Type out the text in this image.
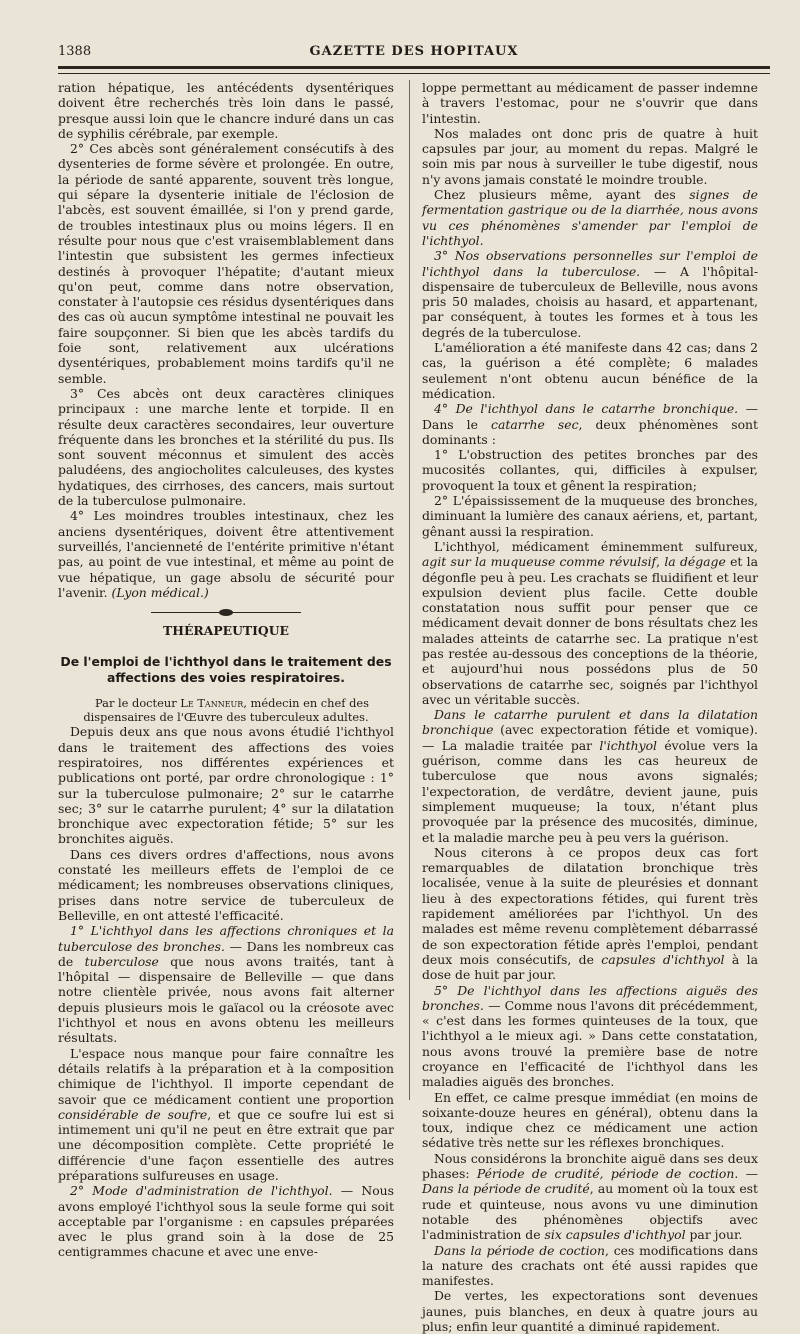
1388	GAZETTE DES HOPITAUX

ration hépatique, les antécédents dysentériques doivent être recherchés très loin dans le passé, presque aussi loin que le chancre induré dans un cas de syphilis cérébrale, par exemple.

2° Ces abcès sont généralement consécutifs à des dysenteries de forme sévère et prolongée. En outre, la période de santé apparente, souvent très longue, qui sépare la dysenterie initiale de l'éclosion de l'abcès, est souvent émaillée, si l'on y prend garde, de troubles intestinaux plus ou moins légers. Il en résulte pour nous que c'est vraisemblablement dans l'intestin que subsistent les germes infectieux destinés à provoquer l'hépatite; d'autant mieux qu'on peut, comme dans notre observation, constater à l'autopsie ces résidus dysentériques dans des cas où aucun symptôme intestinal ne pouvait les faire soupçonner. Si bien que les abcès tardifs du foie sont, relativement aux ulcérations dysentériques, probablement moins tardifs qu'il ne semble.

3° Ces abcès ont deux caractères cliniques principaux : une marche lente et torpide. Il en résulte deux caractères secondaires, leur ouverture fréquente dans les bronches et la stérilité du pus. Ils sont souvent méconnus et simulent des accès paludéens, des angiocholites calculeuses, des kystes hydatiques, des cirrhoses, des cancers, mais surtout de la tuberculose pulmonaire.

4° Les moindres troubles intestinaux, chez les anciens dysentériques, doivent être attentivement surveillés, l'ancienneté de l'entérite primitive n'étant pas, au point de vue intestinal, et même au point de vue hépatique, un gage absolu de sécurité pour l'avenir. (Lyon médical.)

THÉRAPEUTIQUE
De l'emploi de l'ichthyol dans le traitement des affections des voies respiratoires.

Par le docteur Le Tanneur, médecin en chef des dispensaires de l'Œuvre des tuberculeux adultes.

Depuis deux ans que nous avons étudié l'ichthyol dans le traitement des affections des voies respiratoires, nos différentes expériences et publications ont porté, par ordre chronologique : 1° sur la tuberculose pulmonaire; 2° sur le catarrhe sec; 3° sur le catarrhe purulent; 4° sur la dilatation bronchique avec expectoration fétide; 5° sur les bronchites aiguës.

Dans ces divers ordres d'affections, nous avons constaté les meilleurs effets de l'emploi de ce médicament; les nombreuses observations cliniques, prises dans notre service de tuberculeux de Belleville, en ont attesté l'efficacité.

1° L'ichthyol dans les affections chroniques et la tuberculose des bronches. — Dans les nombreux cas de tuberculose que nous avons traités, tant à l'hôpital — dispensaire de Belleville — que dans notre clientèle privée, nous avons fait alterner depuis plusieurs mois le gaïacol ou la créosote avec l'ichthyol et nous en avons obtenu les meilleurs résultats.

L'espace nous manque pour faire connaître les détails relatifs à la préparation et à la composition chimique de l'ichthyol. Il importe cependant de savoir que ce médicament contient une proportion considérable de soufre, et que ce soufre lui est si intimement uni qu'il ne peut en être extrait que par une décomposition complète. Cette propriété le différencie d'une façon essentielle des autres préparations sulfureuses en usage.

2° Mode d'administration de l'ichthyol. — Nous avons employé l'ichthyol sous la seule forme qui soit acceptable par l'organisme : en capsules préparées avec le plus grand soin à la dose de 25 centigrammes chacune et avec une enve-

loppe permettant au médicament de passer indemne à travers l'estomac, pour ne s'ouvrir que dans l'intestin.

Nos malades ont donc pris de quatre à huit capsules par jour, au moment du repas. Malgré le soin mis par nous à surveiller le tube digestif, nous n'y avons jamais constaté le moindre trouble.

Chez plusieurs même, ayant des signes de fermentation gastrique ou de la diarrhée, nous avons vu ces phénomènes s'amender par l'emploi de l'ichthyol.

3° Nos observations personnelles sur l'emploi de l'ichthyol dans la tuberculose. — A l'hôpital-dispensaire de tuberculeux de Belleville, nous avons pris 50 malades, choisis au hasard, et appartenant, par conséquent, à toutes les formes et à tous les degrés de la tuberculose.

L'amélioration a été manifeste dans 42 cas; dans 2 cas, la guérison a été complète; 6 malades seulement n'ont obtenu aucun bénéfice de la médication.

4° De l'ichthyol dans le catarrhe bronchique. — Dans le catarrhe sec, deux phénomènes sont dominants :

1° L'obstruction des petites bronches par des mucosités collantes, qui, difficiles à expulser, provoquent la toux et gênent la respiration;

2° L'épaississement de la muqueuse des bronches, diminuant la lumière des canaux aériens, et, partant, gênant aussi la respiration.

L'ichthyol, médicament éminemment sulfureux, agit sur la muqueuse comme révulsif, la dégage et la dégonfle peu à peu. Les crachats se fluidifient et leur expulsion devient plus facile. Cette double constatation nous suffit pour penser que ce médicament devait donner de bons résultats chez les malades atteints de catarrhe sec. La pratique n'est pas restée au-dessous des conceptions de la théorie, et aujourd'hui nous possédons plus de 50 observations de catarrhe sec, soignés par l'ichthyol avec un véritable succès.

Dans le catarrhe purulent et dans la dilatation bronchique (avec expectoration fétide et vomique). — La maladie traitée par l'ichthyol évolue vers la guérison, comme dans les cas heureux de tuberculose que nous avons signalés; l'expectoration, de verdâtre, devient jaune, puis simplement muqueuse; la toux, n'étant plus provoquée par la présence des mucosités, diminue, et la maladie marche peu à peu vers la guérison.

Nous citerons à ce propos deux cas fort remarquables de dilatation bronchique très localisée, venue à la suite de pleurésies et donnant lieu à des expectorations fétides, qui furent très rapidement améliorées par l'ichthyol. Un des malades est même revenu complètement débarrassé de son expectoration fétide après l'emploi, pendant deux mois consécutifs, de capsules d'ichthyol à la dose de huit par jour.

5° De l'ichthyol dans les affections aiguës des bronches. — Comme nous l'avons dit précédemment, « c'est dans les formes quinteuses de la toux, que l'ichthyol a le mieux agi. » Dans cette constatation, nous avons trouvé la première base de notre croyance en l'efficacité de l'ichthyol dans les maladies aiguës des bronches.

En effet, ce calme presque immédiat (en moins de soixante-douze heures en général), obtenu dans la toux, indique chez ce médicament une action sédative très nette sur les réflexes bronchiques.

Nous considérons la bronchite aiguë dans ses deux phases: Période de crudité, période de coction. — Dans la période de crudité, au moment où la toux est rude et quinteuse, nous avons vu une diminution notable des phénomènes objectifs avec l'administration de six capsules d'ichthyol par jour.

Dans la période de coction, ces modifications dans la nature des crachats ont été aussi rapides que manifestes.

De vertes, les expectorations sont devenues jaunes, puis blanches, en deux à quatre jours au plus; enfin leur quantité a diminué rapidement.
